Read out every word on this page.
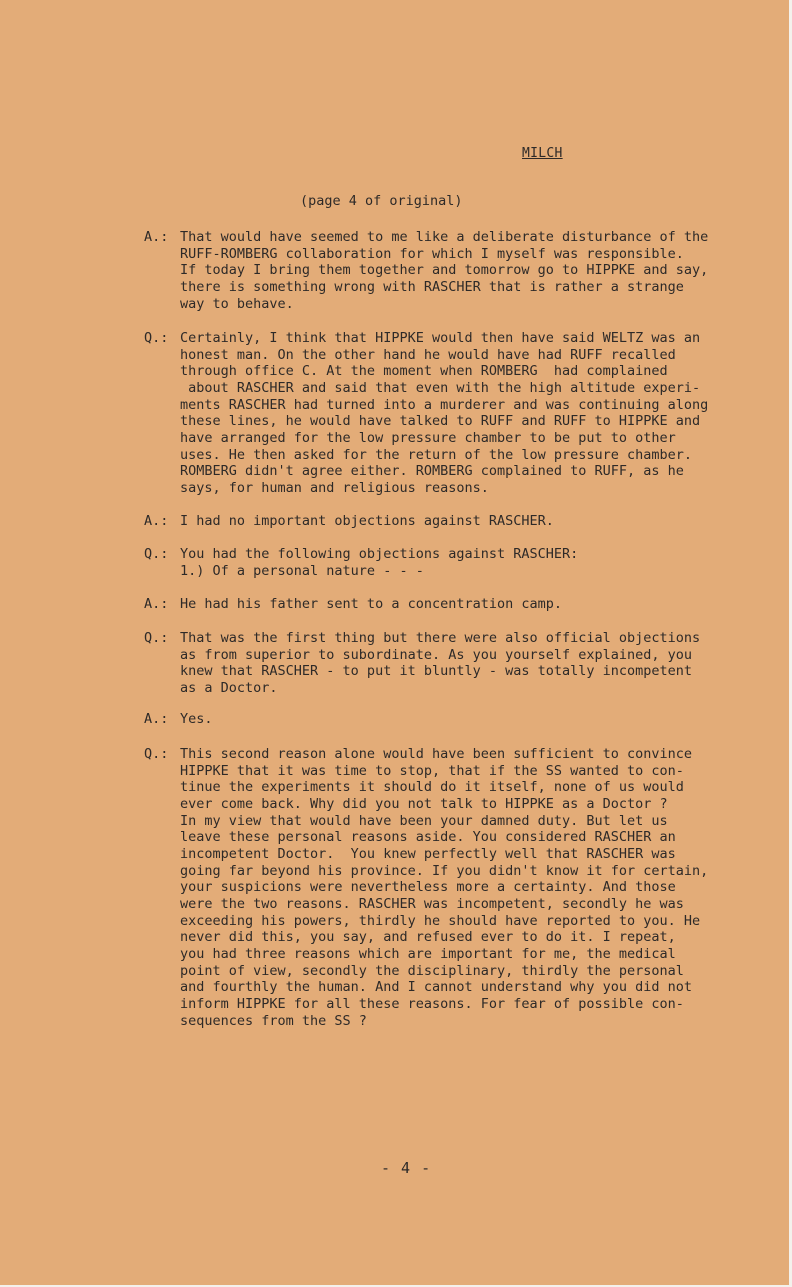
MILCH
(page 4 of original)
A.: That would have seemed to me like a deliberate disturbance of the
RUFF-ROMBERG collaboration for which I myself was responsible.
If today I bring them together and tomorrow go to HIPPKE and say,
there is something wrong with RASCHER that is rather a strange
way to behave.
Q.: Certainly, I think that HIPPKE would then have said WELTZ was an
honest man. On the other hand he would have had RUFF recalled
through office C. At the moment when ROMBERG  had complained
about RASCHER and said that even with the high altitude experi-
ments RASCHER had turned into a murderer and was continuing along
these lines, he would have talked to RUFF and RUFF to HIPPKE and
have arranged for the low pressure chamber to be put to other
uses. He then asked for the return of the low pressure chamber.
ROMBERG didn't agree either. ROMBERG complained to RUFF, as he
says, for human and religious reasons.
A.: I had no important objections against RASCHER.
Q.: You had the following objections against RASCHER:
1.) Of a personal nature - - -
A.: He had his father sent to a concentration camp.
Q.: That was the first thing but there were also official objections
as from superior to subordinate. As you yourself explained, you
knew that RASCHER - to put it bluntly - was totally incompetent
as a Doctor.
A.: Yes.
Q.: This second reason alone would have been sufficient to convince
HIPPKE that it was time to stop, that if the SS wanted to con-
tinue the experiments it should do it itself, none of us would
ever come back. Why did you not talk to HIPPKE as a Doctor ?
In my view that would have been your damned duty. But let us
leave these personal reasons aside. You considered RASCHER an
incompetent Doctor.  You knew perfectly well that RASCHER was
going far beyond his province. If you didn't know it for certain,
your suspicions were nevertheless more a certainty. And those
were the two reasons. RASCHER was incompetent, secondly he was
exceeding his powers, thirdly he should have reported to you. He
never did this, you say, and refused ever to do it. I repeat,
you had three reasons which are important for me, the medical
point of view, secondly the disciplinary, thirdly the personal
and fourthly the human. And I cannot understand why you did not
inform HIPPKE for all these reasons. For fear of possible con-
sequences from the SS ?
- 4 -
